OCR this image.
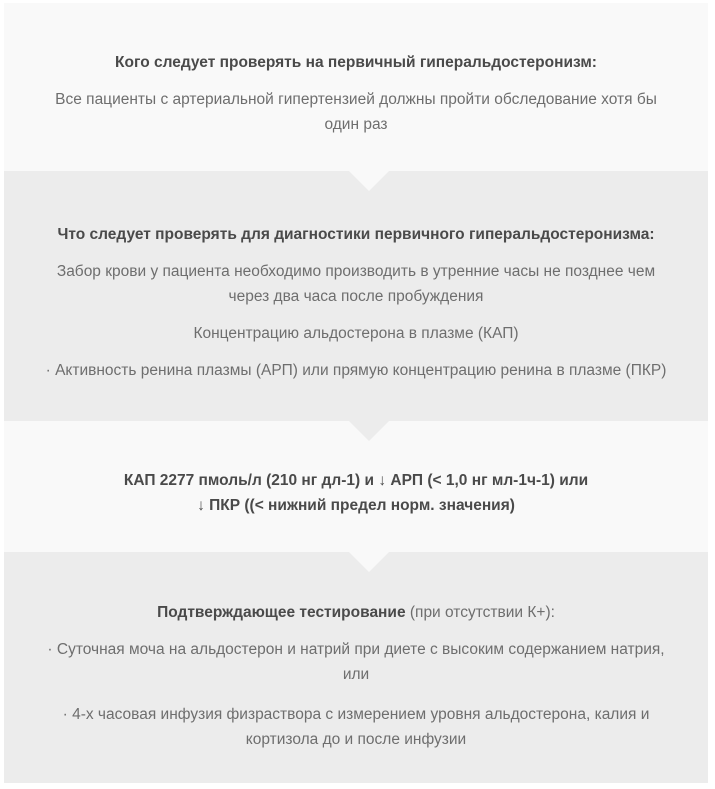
Кого следует проверять на первичный гиперальдостеронизм:
Все пациенты с артериальной гипертензией должны пройти обследование хотя бы
один раз
Что следует проверять для диагностики первичного гиперальдостеронизма:
Забор крови у пациента необходимо производить в утренние часы не позднее чем
через два часа после пробуждения
Концентрацию альдостерона в плазме (КАП)
· Активность ренина плазмы (АРП) или прямую концентрацию ренина в плазме (ПКР)
КАП 2277 пмоль/л (210 нг дл-1) и ↓ АРП (< 1,0 нг мл-1ч-1) или
↓ ПКР ((< нижний предел норм. значения)
Подтверждающее тестирование (при отсутствии К+):
· Суточная моча на альдостерон и натрий при диете с высоким содержанием натрия,
или
· 4-х часовая инфузия физраствора с измерением уровня альдостерона, калия и
кортизола до и после инфузии
